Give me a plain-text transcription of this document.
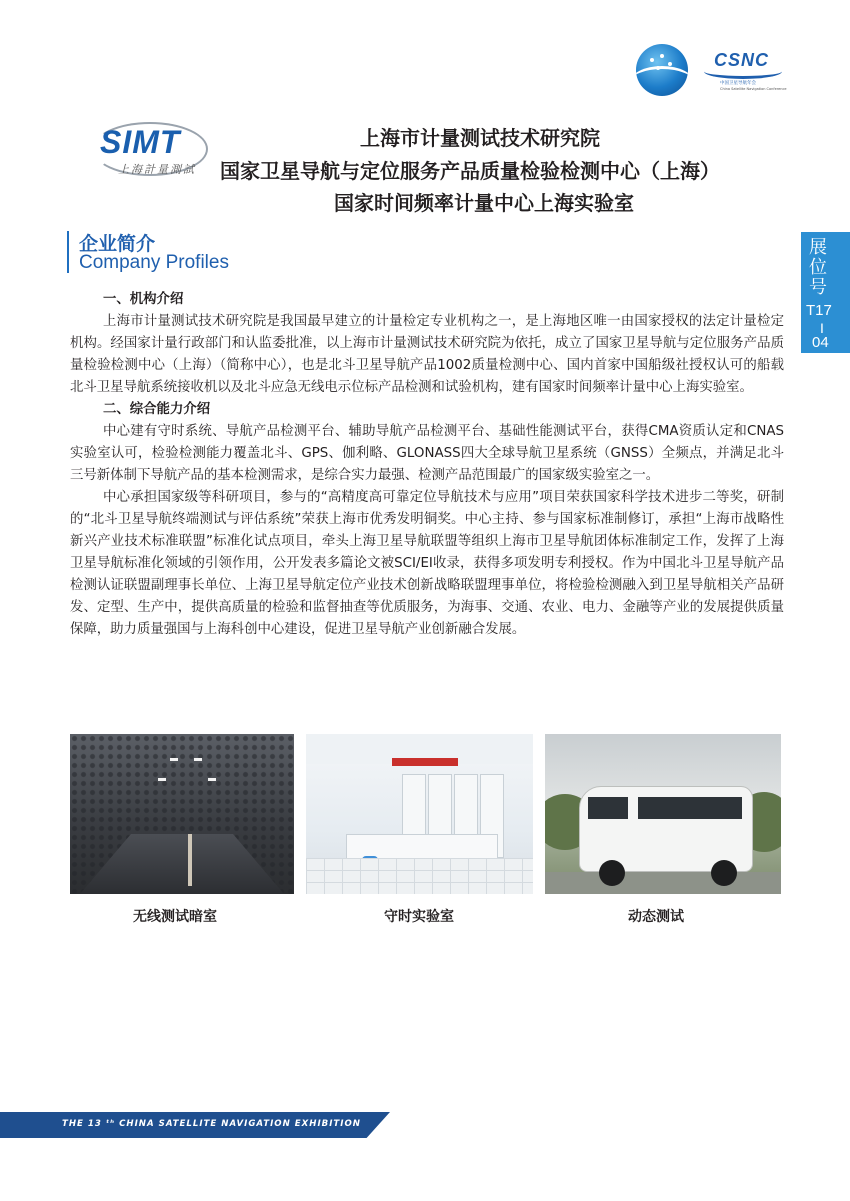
CSNC
中国卫星导航年会
China Satellite Navigation Conference
SIMT
上海計量測試
上海市计量测试技术研究院
国家卫星导航与定位服务产品质量检验检测中心（上海）
国家时间频率计量中心上海实验室
企业简介
Company Profiles
展
位
号
T17
I
04
一、机构介绍

上海市计量测试技术研究院是我国最早建立的计量检定专业机构之一，是上海地区唯一由国家授权的法定计量检定机构。经国家计量行政部门和认监委批准，以上海市计量测试技术研究院为依托，成立了国家卫星导航与定位服务产品质量检验检测中心（上海）（简称中心），也是北斗卫星导航产品1002质量检测中心、国内首家中国船级社授权认可的船载北斗卫星导航系统接收机以及北斗应急无线电示位标产品检测和试验机构，建有国家时间频率计量中心上海实验室。

二、综合能力介绍

中心建有守时系统、导航产品检测平台、辅助导航产品检测平台、基础性能测试平台，获得CMA资质认定和CNAS实验室认可，检验检测能力覆盖北斗、GPS、伽利略、GLONASS四大全球导航卫星系统（GNSS）全频点，并满足北斗三号新体制下导航产品的基本检测需求，是综合实力最强、检测产品范围最广的国家级实验室之一。

中心承担国家级等科研项目，参与的“高精度高可靠定位导航技术与应用”项目荣获国家科学技术进步二等奖，研制的“北斗卫星导航终端测试与评估系统”荣获上海市优秀发明铜奖。中心主持、参与国家标准制修订，承担“上海市战略性新兴产业技术标准联盟”标准化试点项目，牵头上海卫星导航联盟等组织上海市卫星导航团体标准制定工作，发挥了上海卫星导航标准化领域的引领作用，公开发表多篇论文被SCI/EI收录，获得多项发明专利授权。作为中国北斗卫星导航产品检测认证联盟副理事长单位、上海卫星导航定位产业技术创新战略联盟理事单位，将检验检测融入到卫星导航相关产品研发、定型、生产中，提供高质量的检验和监督抽查等优质服务，为海事、交通、农业、电力、金融等产业的发展提供质量保障，助力质量强国与上海科创中心建设，促进卫星导航产业创新融合发展。

无线测试暗室	守时实验室	动态测试
THE 13 ᵗʰ CHINA SATELLITE NAVIGATION EXHIBITION
